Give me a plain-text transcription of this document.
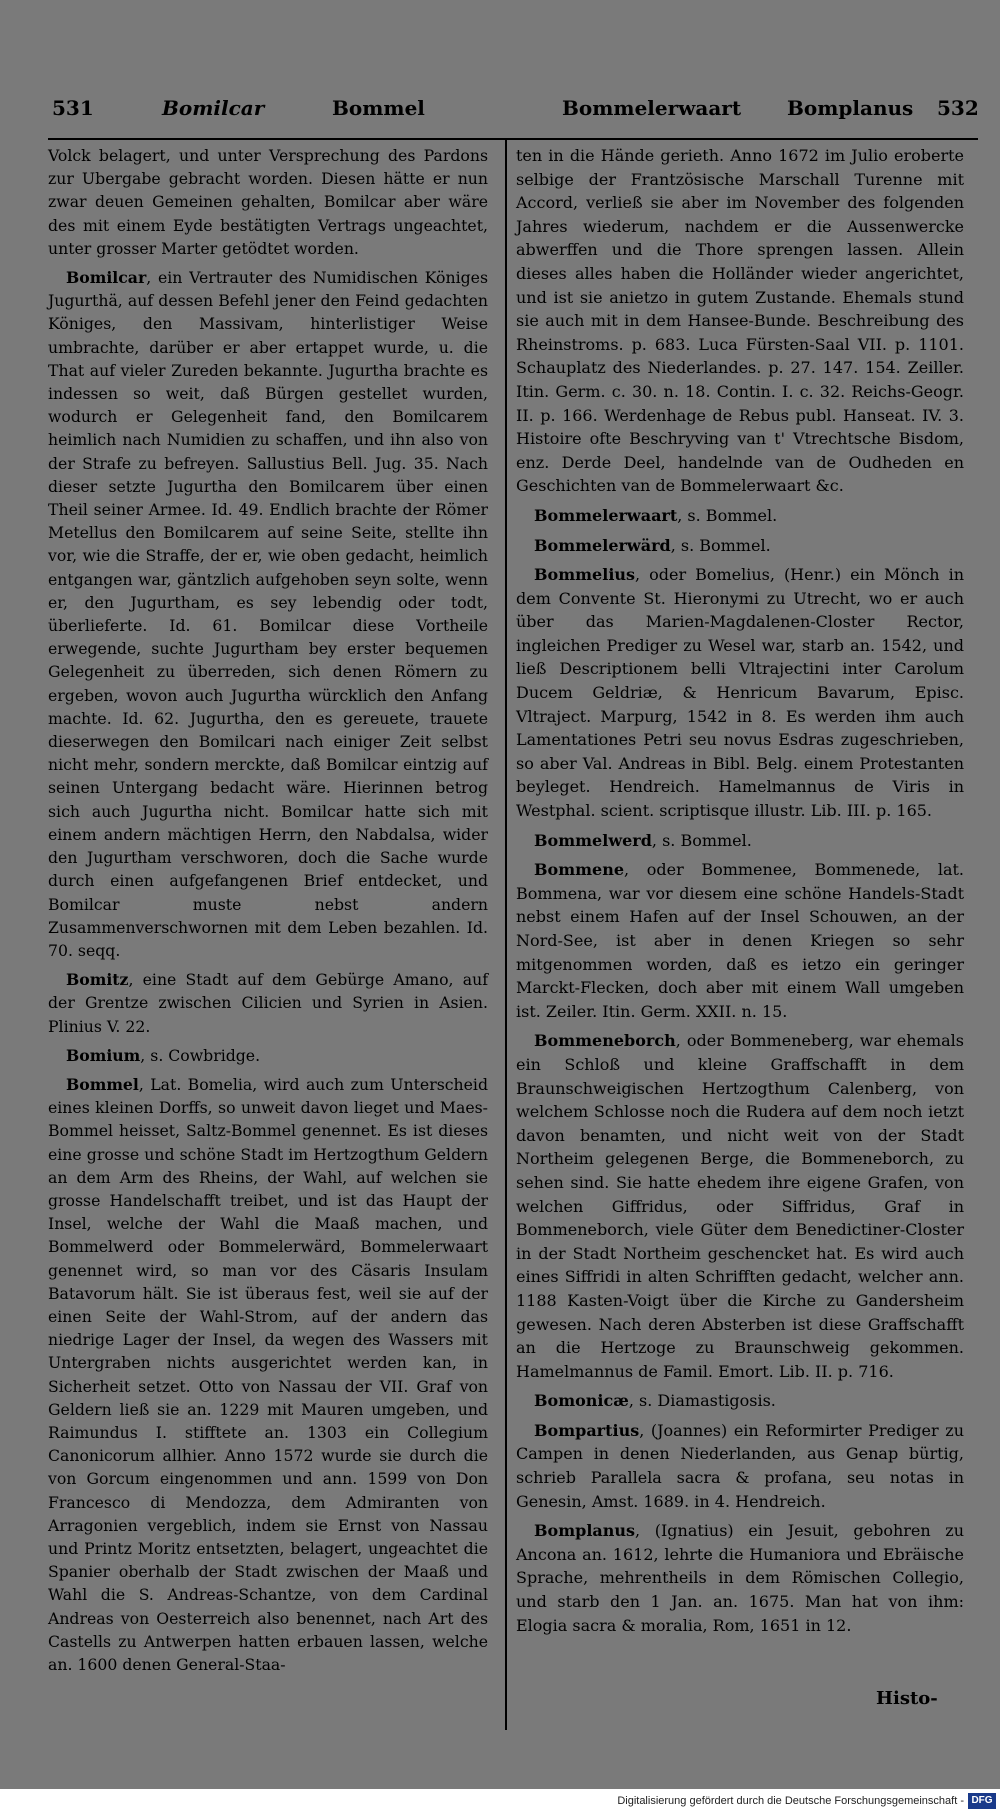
531	Bomilcar	Bommel	Bommelerwaart Bomplanus 532

Volck belagert, und unter Versprechung des Pardons zur Ubergabe gebracht worden. Diesen hätte er nun zwar deuen Gemeinen gehalten, Bomilcar aber wäre des mit einem Eyde bestätigten Vertrags ungeachtet, unter grosser Marter getödtet worden.

Bomilcar, ein Vertrauter des Numidischen Königes Jugurthä, auf dessen Befehl jener den Feind gedachten Königes, den Massivam, hinterlistiger Weise umbrachte, darüber er aber ertappet wurde, u. die That auf vieler Zureden bekannte. Jugurtha brachte es indessen so weit, daß Bürgen gestellet wurden, wodurch er Gelegenheit fand, den Bomilcarem heimlich nach Numidien zu schaffen, und ihn also von der Strafe zu befreyen. Sallustius Bell. Jug. 35. Nach dieser setzte Jugurtha den Bomilcarem über einen Theil seiner Armee. Id. 49. Endlich brachte der Römer Metellus den Bomilcarem auf seine Seite, stellte ihn vor, wie die Straffe, der er, wie oben gedacht, heimlich entgangen war, gäntzlich aufgehoben seyn solte, wenn er, den Jugurtham, es sey lebendig oder todt, überlieferte. Id. 61. Bomilcar diese Vortheile erwegende, suchte Jugurtham bey erster bequemen Gelegenheit zu überreden, sich denen Römern zu ergeben, wovon auch Jugurtha würcklich den Anfang machte. Id. 62. Jugurtha, den es gereuete, trauete dieserwegen den Bomilcari nach einiger Zeit selbst nicht mehr, sondern merckte, daß Bomilcar eintzig auf seinen Untergang bedacht wäre. Hierinnen betrog sich auch Jugurtha nicht. Bomilcar hatte sich mit einem andern mächtigen Herrn, den Nabdalsa, wider den Jugurtham verschworen, doch die Sache wurde durch einen aufgefangenen Brief entdecket, und Bomilcar muste nebst andern Zusammenverschwornen mit dem Leben bezahlen. Id. 70. seqq.

Bomitz, eine Stadt auf dem Gebürge Amano, auf der Grentze zwischen Cilicien und Syrien in Asien. Plinius V. 22.

Bomium, s. Cowbridge.

Bommel, Lat. Bomelia, wird auch zum Unterscheid eines kleinen Dorffs, so unweit davon lieget und Maes-Bommel heisset, Saltz-Bommel genennet. Es ist dieses eine grosse und schöne Stadt im Hertzogthum Geldern an dem Arm des Rheins, der Wahl, auf welchen sie grosse Handelschafft treibet, und ist das Haupt der Insel, welche der Wahl die Maaß machen, und Bommelwerd oder Bommelerwärd, Bommelerwaart genennet wird, so man vor des Cäsaris Insulam Batavorum hält. Sie ist überaus fest, weil sie auf der einen Seite der Wahl-Strom, auf der andern das niedrige Lager der Insel, da wegen des Wassers mit Untergraben nichts ausgerichtet werden kan, in Sicherheit setzet. Otto von Nassau der VII. Graf von Geldern ließ sie an. 1229 mit Mauren umgeben, und Raimundus I. stifftete an. 1303 ein Collegium Canonicorum allhier. Anno 1572 wurde sie durch die von Gorcum eingenommen und ann. 1599 von Don Francesco di Mendozza, dem Admiranten von Arragonien vergeblich, indem sie Ernst von Nassau und Printz Moritz entsetzten, belagert, ungeachtet die Spanier oberhalb der Stadt zwischen der Maaß und Wahl die S. Andreas-Schantze, von dem Cardinal Andreas von Oesterreich also benennet, nach Art des Castells zu Antwerpen hatten erbauen lassen, welche an. 1600 denen General-Staa-

ten in die Hände gerieth. Anno 1672 im Julio eroberte selbige der Frantzösische Marschall Turenne mit Accord, verließ sie aber im November des folgenden Jahres wiederum, nachdem er die Aussenwercke abwerffen und die Thore sprengen lassen. Allein dieses alles haben die Holländer wieder angerichtet, und ist sie anietzo in gutem Zustande. Ehemals stund sie auch mit in dem Hansee-Bunde. Beschreibung des Rheinstroms. p. 683. Luca Fürsten-Saal VII. p. 1101. Schauplatz des Niederlandes. p. 27. 147. 154. Zeiller. Itin. Germ. c. 30. n. 18. Contin. I. c. 32. Reichs-Geogr. II. p. 166. Werdenhage de Rebus publ. Hanseat. IV. 3. Histoire ofte Beschryving van t' Vtrechtsche Bisdom, enz. Derde Deel, handelnde van de Oudheden en Geschichten van de Bommelerwaart &c.

Bommelerwaart, s. Bommel.

Bommelerwärd, s. Bommel.

Bommelius, oder Bomelius, (Henr.) ein Mönch in dem Convente St. Hieronymi zu Utrecht, wo er auch über das Marien-Magdalenen-Closter Rector, ingleichen Prediger zu Wesel war, starb an. 1542, und ließ Descriptionem belli Vltrajectini inter Carolum Ducem Geldriæ, & Henricum Bavarum, Episc. Vltraject. Marpurg, 1542 in 8. Es werden ihm auch Lamentationes Petri seu novus Esdras zugeschrieben, so aber Val. Andreas in Bibl. Belg. einem Protestanten beyleget. Hendreich. Hamelmannus de Viris in Westphal. scient. scriptisque illustr. Lib. III. p. 165.

Bommelwerd, s. Bommel.

Bommene, oder Bommenee, Bommenede, lat. Bommena, war vor diesem eine schöne Handels-Stadt nebst einem Hafen auf der Insel Schouwen, an der Nord-See, ist aber in denen Kriegen so sehr mitgenommen worden, daß es ietzo ein geringer Marckt-Flecken, doch aber mit einem Wall umgeben ist. Zeiler. Itin. Germ. XXII. n. 15.

Bommeneborch, oder Bommeneberg, war ehemals ein Schloß und kleine Graffschafft in dem Braunschweigischen Hertzogthum Calenberg, von welchem Schlosse noch die Rudera auf dem noch ietzt davon benamten, und nicht weit von der Stadt Northeim gelegenen Berge, die Bommeneborch, zu sehen sind. Sie hatte ehedem ihre eigene Grafen, von welchen Giffridus, oder Siffridus, Graf in Bommeneborch, viele Güter dem Benedictiner-Closter in der Stadt Northeim geschencket hat. Es wird auch eines Siffridi in alten Schrifften gedacht, welcher ann. 1188 Kasten-Voigt über die Kirche zu Gandersheim gewesen. Nach deren Absterben ist diese Graffschafft an die Hertzoge zu Braunschweig gekommen. Hamelmannus de Famil. Emort. Lib. II. p. 716.

Bomonicæ, s. Diamastigosis.

Bompartius, (Joannes) ein Reformirter Prediger zu Campen in denen Niederlanden, aus Genap bürtig, schrieb Parallela sacra & profana, seu notas in Genesin, Amst. 1689. in 4. Hendreich.

Bomplanus, (Ignatius) ein Jesuit, gebohren zu Ancona an. 1612, lehrte die Humaniora und Ebräische Sprache, mehrentheils in dem Römischen Collegio, und starb den 1 Jan. an. 1675. Man hat von ihm: Elogia sacra & moralia, Rom, 1651 in 12.

Histo-
Digitalisierung gefördert durch die Deutsche Forschungsgemeinschaft - DFG
